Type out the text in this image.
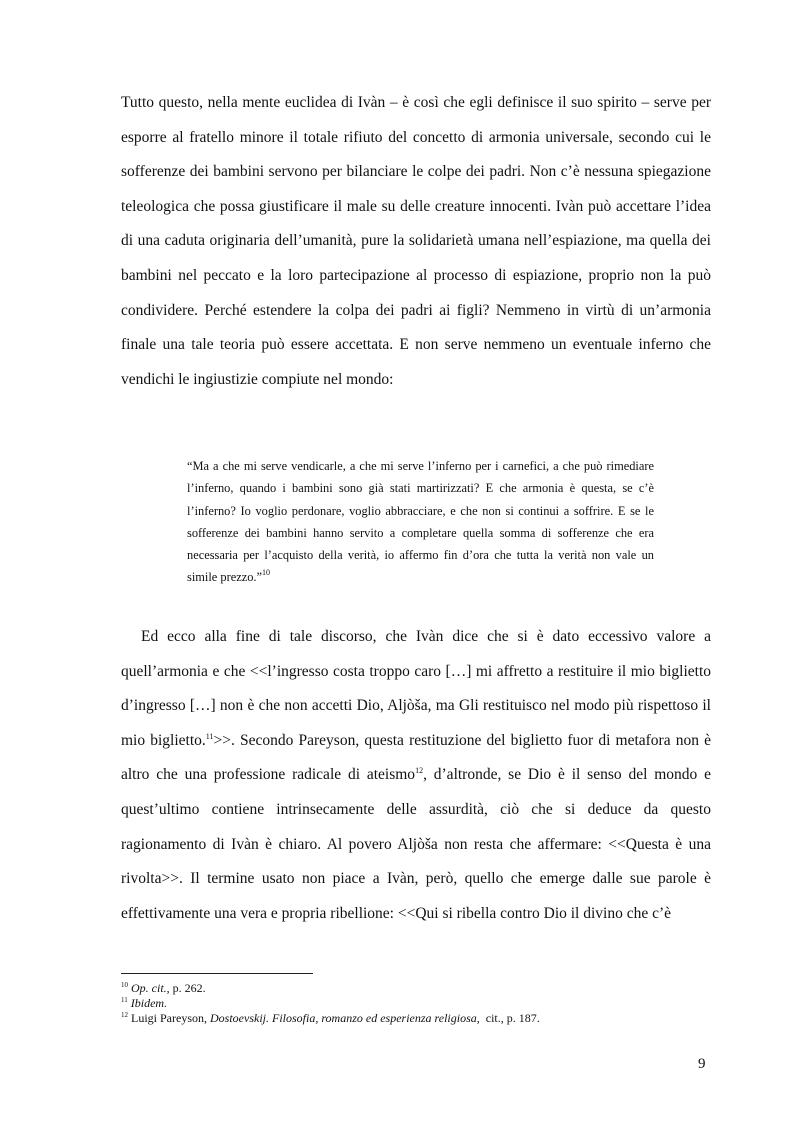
Tutto questo, nella mente euclidea di Ivàn – è così che egli definisce il suo spirito – serve per esporre al fratello minore il totale rifiuto del concetto di armonia universale, secondo cui le sofferenze dei bambini servono per bilanciare le colpe dei padri. Non c’è nessuna spiegazione teleologica che possa giustificare il male su delle creature innocenti. Ivàn può accettare l’idea di una caduta originaria dell’umanità, pure la solidarietà umana nell’espiazione, ma quella dei bambini nel peccato e la loro partecipazione al processo di espiazione, proprio non la può condividere. Perché estendere la colpa dei padri ai figli? Nemmeno in virtù di un’armonia finale una tale teoria può essere accettata. E non serve nemmeno un eventuale inferno che vendichi le ingiustizie compiute nel mondo:
“Ma a che mi serve vendicarle, a che mi serve l’inferno per i carnefici, a che può rimediare l’inferno, quando i bambini sono già stati martirizzati? E che armonia è questa, se c’è l’inferno? Io voglio perdonare, voglio abbracciare, e che non si continui a soffrire. E se le sofferenze dei bambini hanno servito a completare quella somma di sofferenze che era necessaria per l’acquisto della verità, io affermo fin d’ora che tutta la verità non vale un simile prezzo.”$^{10}$
Ed ecco alla fine di tale discorso, che Ivàn dice che si è dato eccessivo valore a quell’armonia e che <<l’ingresso costa troppo caro […] mi affretto a restituire il mio biglietto d’ingresso […] non è che non accetti Dio, Aljòša, ma Gli restituisco nel modo più rispettoso il mio biglietto.$^{11}$>>. Secondo Pareyson, questa restituzione del biglietto fuor di metafora non è altro che una professione radicale di ateismo$^{12}$, d’altronde, se Dio è il senso del mondo e quest’ultimo contiene intrinsecamente delle assurdità, ciò che si deduce da questo ragionamento di Ivàn è chiaro. Al povero Aljòša non resta che affermare: <<Questa è una rivolta>>. Il termine usato non piace a Ivàn, però, quello che emerge dalle sue parole è effettivamente una vera e propria ribellione: <<Qui si ribella contro Dio il divino che c’è
$^{10}$ Op. cit., p. 262.
$^{11}$ Ibidem.
$^{12}$ Luigi Pareyson, Dostoevskij. Filosofia, romanzo ed esperienza religiosa,  cit., p. 187.
9
